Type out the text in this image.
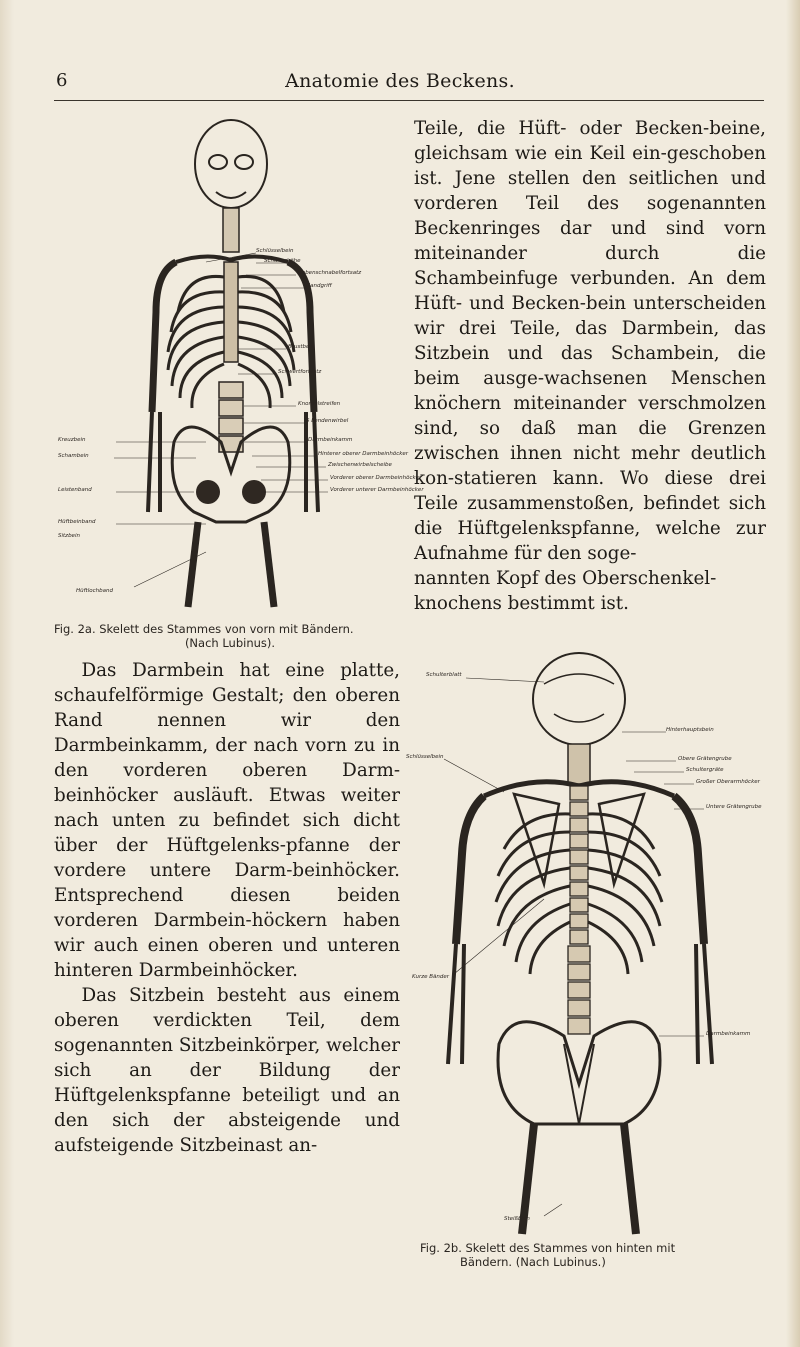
6	Anatomie des Beckens.
Schlüsselbein
Schulterhöhe
Rabenschnabelfortsatz
Handgriff
Brustbein
Schwertfortsatz
Knorpelstreifen
5 Lendenwirbel
Darmbeinkamm
Hinterer oberer Darmbeinhöcker
Zwischenwirbelscheibe
Vorderer oberer Darmbeinhöcker
Vorderer unterer Darmbeinhöcker
Kreuzbein
Schambein
Leistenband
Hüftbeinband
Sitzbein
Hüftlochband
Fig. 2a. Skelett des Stammes von vorn mit Bändern.
(Nach Lubinus).

Teile, die Hüft- oder Becken-beine, gleichsam wie ein Keil ein-geschoben ist. Jene stellen den seitlichen und vorderen Teil des sogenannten Beckenringes dar und sind vorn miteinander durch die Schambeinfuge verbunden. An dem Hüft- und Becken-bein unterscheiden wir drei Teile, das Darmbein, das Sitzbein und das Schambein, die beim ausge-wachsenen Menschen knöchern miteinander verschmolzen sind, so daß man die Grenzen zwischen ihnen nicht mehr deutlich kon-statieren kann. Wo diese drei Teile zusammenstoßen, befindet sich die Hüftgelenkspfanne, welche zur Aufnahme für den soge-

nannten Kopf des Oberschenkel-knochens bestimmt ist.

Das Darmbein hat eine platte, schaufelförmige Gestalt; den oberen Rand nennen wir den Darmbeinkamm, der nach vorn zu in den vorderen oberen Darm-beinhöcker ausläuft. Etwas weiter nach unten zu befindet sich dicht über der Hüftgelenks-pfanne der vordere untere Darm-beinhöcker. Entsprechend diesen beiden vorderen Darmbein-höckern haben wir auch einen oberen und unteren hinteren Darmbeinhöcker.

Das Sitzbein besteht aus einem oberen verdickten Teil, dem sogenannten Sitzbeinkörper, welcher sich an der Bildung der Hüftgelenkspfanne beteiligt und an den sich der absteigende und aufsteigende Sitzbeinast an-

Schulterblatt
Hinterhauptsbein
Schlüsselbein	Obere Grätengrube
Schultergräte
Großer Oberarmhöcker
Untere Grätengrube
Kurze Bänder
Darmbeinkamm
Steißbein
Fig. 2b. Skelett des Stammes von hinten mit
Bändern. (Nach Lubinus.)
